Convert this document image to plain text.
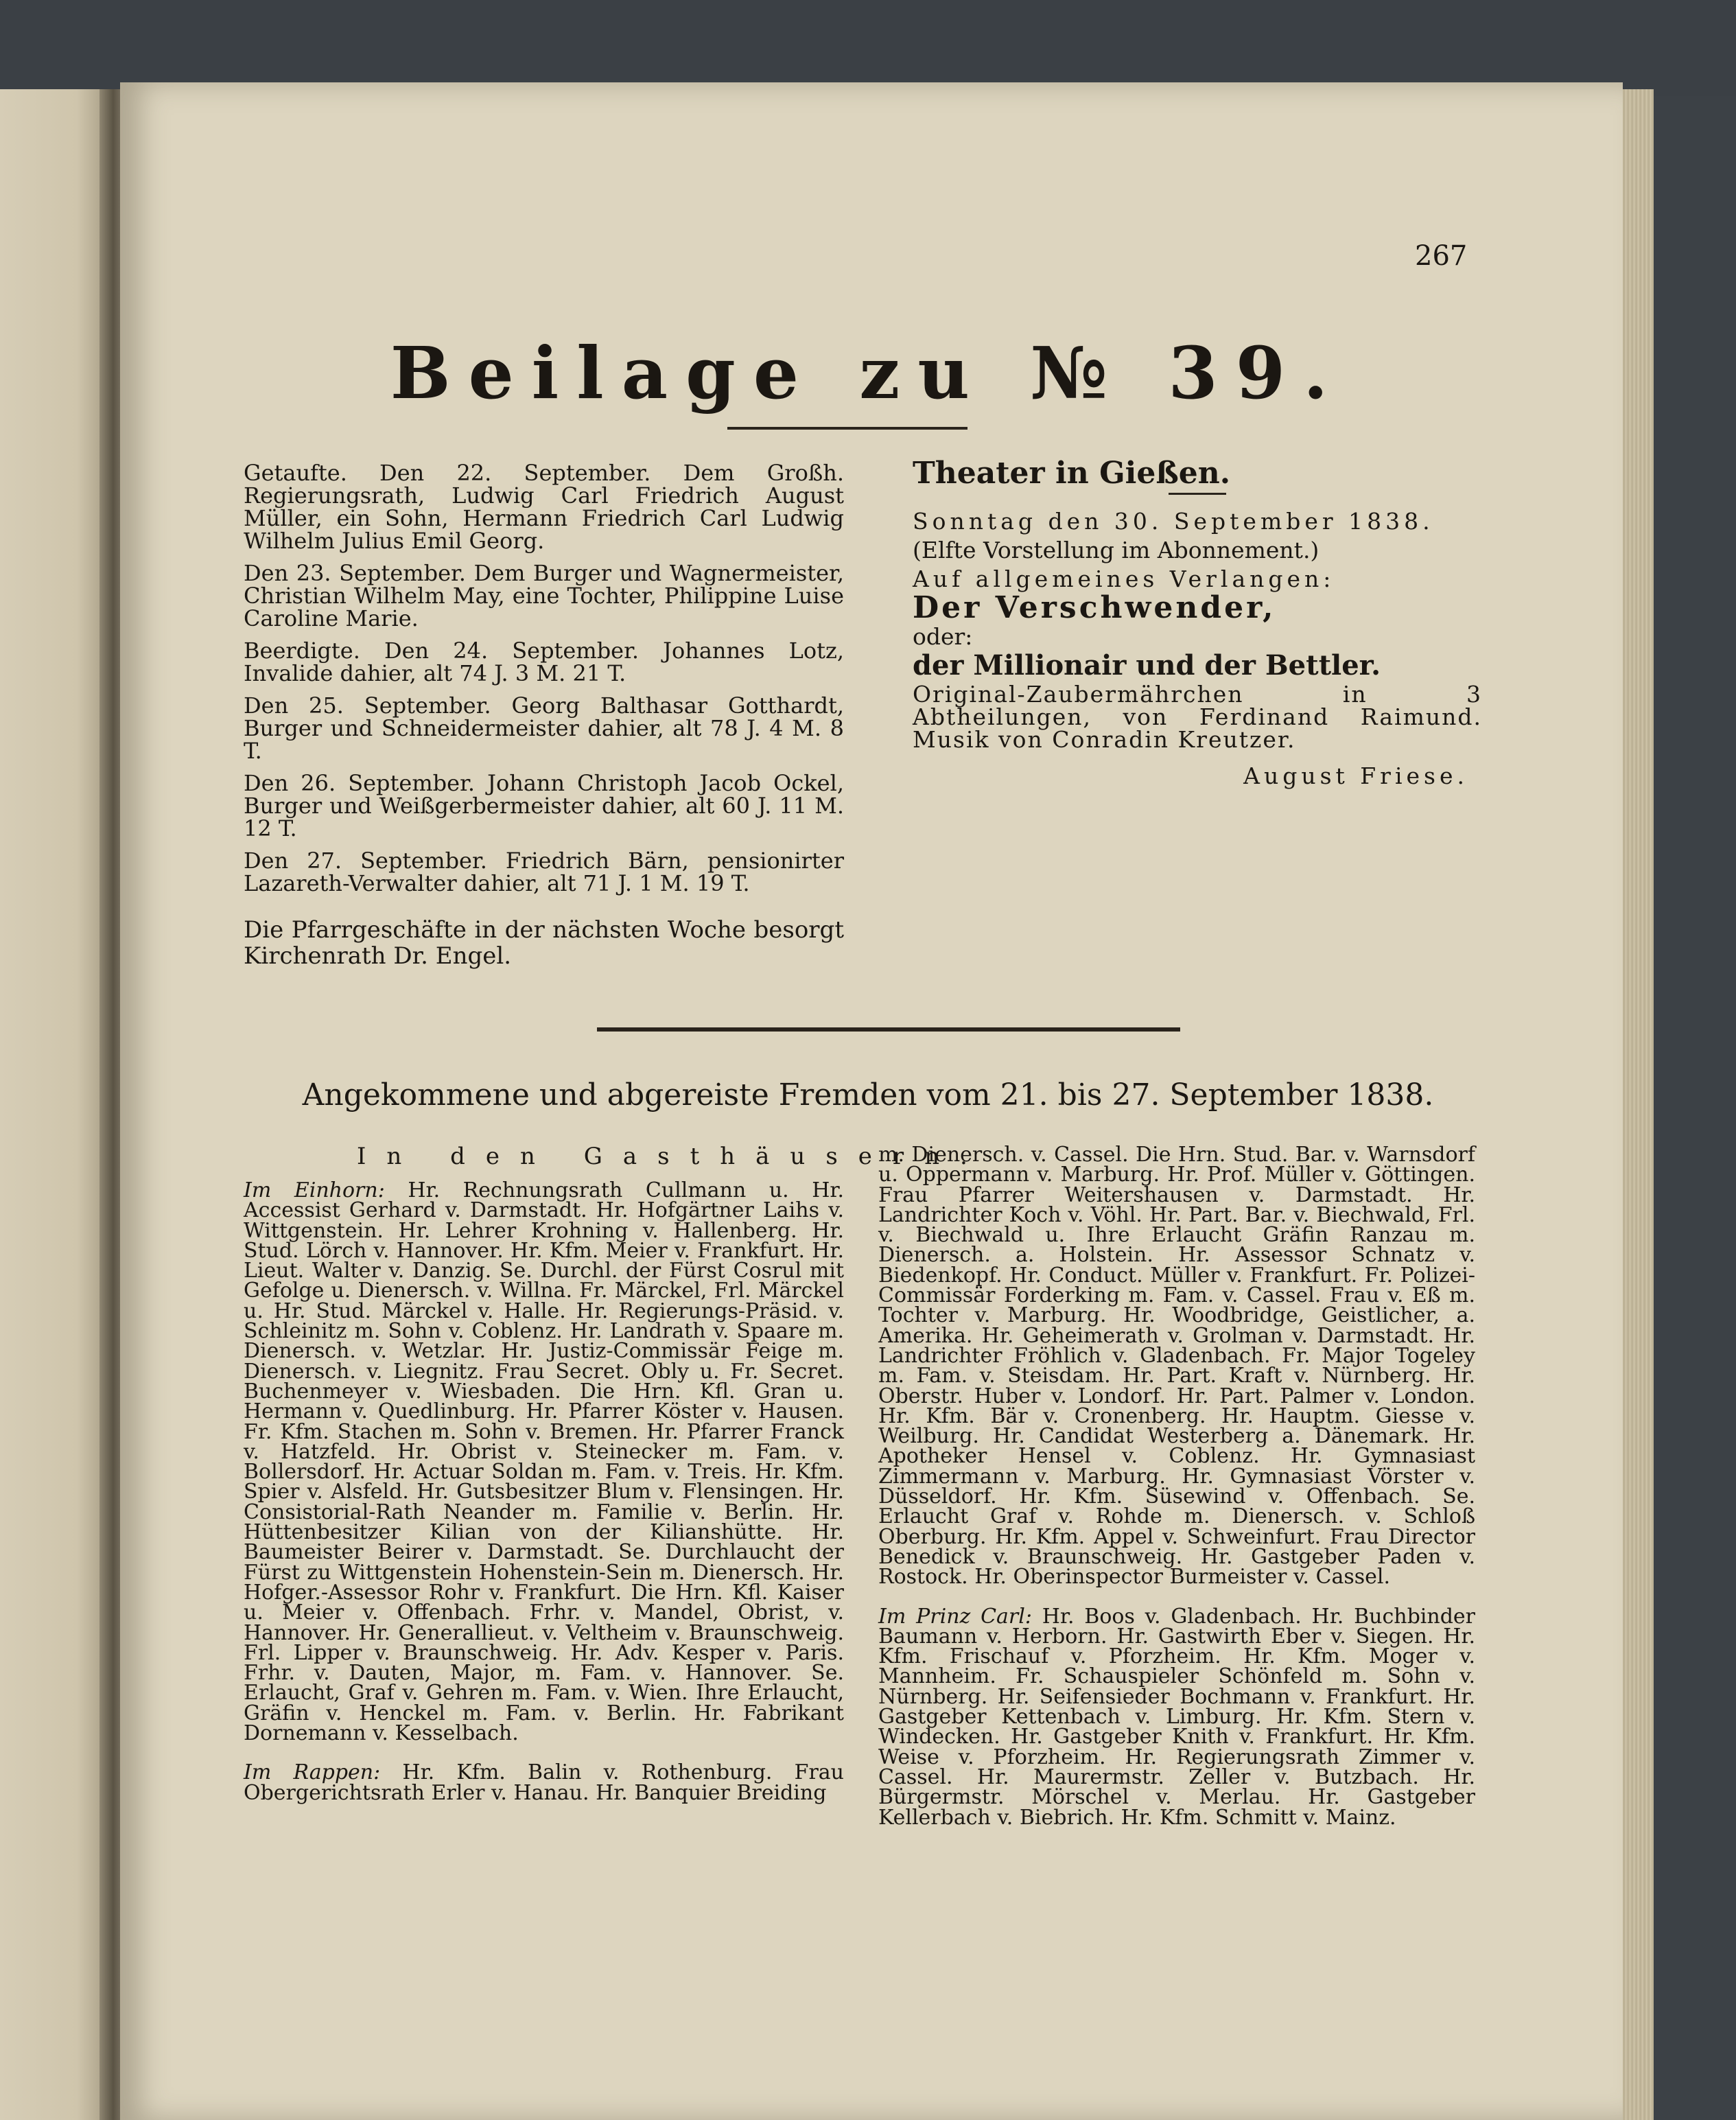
267
Beilage zu № 39.

Getaufte. Den 22. September. Dem Großh. Regierungsrath, Ludwig Carl Friedrich August Müller, ein Sohn, Hermann Friedrich Carl Ludwig Wilhelm Julius Emil Georg.

Den 23. September. Dem Burger und Wagnermeister, Christian Wilhelm May, eine Tochter, Philippine Luise Caroline Marie.

Beerdigte. Den 24. September. Johannes Lotz, Invalide dahier, alt 74 J. 3 M. 21 T.

Den 25. September. Georg Balthasar Gotthardt, Burger und Schneidermeister dahier, alt 78 J. 4 M. 8 T.

Den 26. September. Johann Christoph Jacob Ockel, Burger und Weißgerbermeister dahier, alt 60 J. 11 M. 12 T.

Den 27. September. Friedrich Bärn, pensionirter Lazareth-Verwalter dahier, alt 71 J. 1 M. 19 T.

Die Pfarrgeschäfte in der nächsten Woche besorgt Kirchenrath Dr. Engel.

Theater in Gießen.

Sonntag den 30. September 1838.

(Elfte Vorstellung im Abonnement.)

Auf allgemeines Verlangen:

Der Verschwender,

oder:

der Millionair und der Bettler.

Original-Zaubermährchen in 3 Abtheilungen, von Ferdinand Raimund. Musik von Conradin Kreutzer.

August Friese.

Angekommene und abgereiste Fremden vom 21. bis 27. September 1838.
In den Gasthäusern.

Im Einhorn: Hr. Rechnungsrath Cullmann u. Hr. Accessist Gerhard v. Darmstadt. Hr. Hofgärtner Laihs v. Wittgenstein. Hr. Lehrer Krohning v. Hallenberg. Hr. Stud. Lörch v. Hannover. Hr. Kfm. Meier v. Frankfurt. Hr. Lieut. Walter v. Danzig. Se. Durchl. der Fürst Cosrul mit Gefolge u. Dienersch. v. Willna. Fr. Märckel, Frl. Märckel u. Hr. Stud. Märckel v. Halle. Hr. Regierungs-Präsid. v. Schleinitz m. Sohn v. Coblenz. Hr. Landrath v. Spaare m. Dienersch. v. Wetzlar. Hr. Justiz-Commissär Feige m. Dienersch. v. Liegnitz. Frau Secret. Obly u. Fr. Secret. Buchenmeyer v. Wiesbaden. Die Hrn. Kfl. Gran u. Hermann v. Quedlinburg. Hr. Pfarrer Köster v. Hausen. Fr. Kfm. Stachen m. Sohn v. Bremen. Hr. Pfarrer Franck v. Hatzfeld. Hr. Obrist v. Steinecker m. Fam. v. Bollersdorf. Hr. Actuar Soldan m. Fam. v. Treis. Hr. Kfm. Spier v. Alsfeld. Hr. Gutsbesitzer Blum v. Flensingen. Hr. Consistorial-Rath Neander m. Familie v. Berlin. Hr. Hüttenbesitzer Kilian von der Kilianshütte. Hr. Baumeister Beirer v. Darmstadt. Se. Durchlaucht der Fürst zu Wittgenstein Hohenstein-Sein m. Dienersch. Hr. Hofger.-Assessor Rohr v. Frankfurt. Die Hrn. Kfl. Kaiser u. Meier v. Offenbach. Frhr. v. Mandel, Obrist, v. Hannover. Hr. Generallieut. v. Veltheim v. Braunschweig. Frl. Lipper v. Braunschweig. Hr. Adv. Kesper v. Paris. Frhr. v. Dauten, Major, m. Fam. v. Hannover. Se. Erlaucht, Graf v. Gehren m. Fam. v. Wien. Ihre Erlaucht, Gräfin v. Henckel m. Fam. v. Berlin. Hr. Fabrikant Dornemann v. Kesselbach.

Im Rappen: Hr. Kfm. Balin v. Rothenburg. Frau Obergerichtsrath Erler v. Hanau. Hr. Banquier Breiding

m. Dienersch. v. Cassel. Die Hrn. Stud. Bar. v. Warnsdorf u. Oppermann v. Marburg. Hr. Prof. Müller v. Göttingen. Frau Pfarrer Weitershausen v. Darmstadt. Hr. Landrichter Koch v. Vöhl. Hr. Part. Bar. v. Biechwald, Frl. v. Biechwald u. Ihre Erlaucht Gräfin Ranzau m. Dienersch. a. Holstein. Hr. Assessor Schnatz v. Biedenkopf. Hr. Conduct. Müller v. Frankfurt. Fr. Polizei-Commissär Forderking m. Fam. v. Cassel. Frau v. Eß m. Tochter v. Marburg. Hr. Woodbridge, Geistlicher, a. Amerika. Hr. Geheimerath v. Grolman v. Darmstadt. Hr. Landrichter Fröhlich v. Gladenbach. Fr. Major Togeley m. Fam. v. Steisdam. Hr. Part. Kraft v. Nürnberg. Hr. Oberstr. Huber v. Londorf. Hr. Part. Palmer v. London. Hr. Kfm. Bär v. Cronenberg. Hr. Hauptm. Giesse v. Weilburg. Hr. Candidat Westerberg a. Dänemark. Hr. Apotheker Hensel v. Coblenz. Hr. Gymnasiast Zimmermann v. Marburg. Hr. Gymnasiast Vörster v. Düsseldorf. Hr. Kfm. Süsewind v. Offenbach. Se. Erlaucht Graf v. Rohde m. Dienersch. v. Schloß Oberburg. Hr. Kfm. Appel v. Schweinfurt. Frau Director Benedick v. Braunschweig. Hr. Gastgeber Paden v. Rostock. Hr. Oberinspector Burmeister v. Cassel.

Im Prinz Carl: Hr. Boos v. Gladenbach. Hr. Buchbinder Baumann v. Herborn. Hr. Gastwirth Eber v. Siegen. Hr. Kfm. Frischauf v. Pforzheim. Hr. Kfm. Moger v. Mannheim. Fr. Schauspieler Schönfeld m. Sohn v. Nürnberg. Hr. Seifensieder Bochmann v. Frankfurt. Hr. Gastgeber Kettenbach v. Limburg. Hr. Kfm. Stern v. Windecken. Hr. Gastgeber Knith v. Frankfurt. Hr. Kfm. Weise v. Pforzheim. Hr. Regierungsrath Zimmer v. Cassel. Hr. Maurermstr. Zeller v. Butzbach. Hr. Bürgermstr. Mörschel v. Merlau. Hr. Gastgeber Kellerbach v. Biebrich. Hr. Kfm. Schmitt v. Mainz.
